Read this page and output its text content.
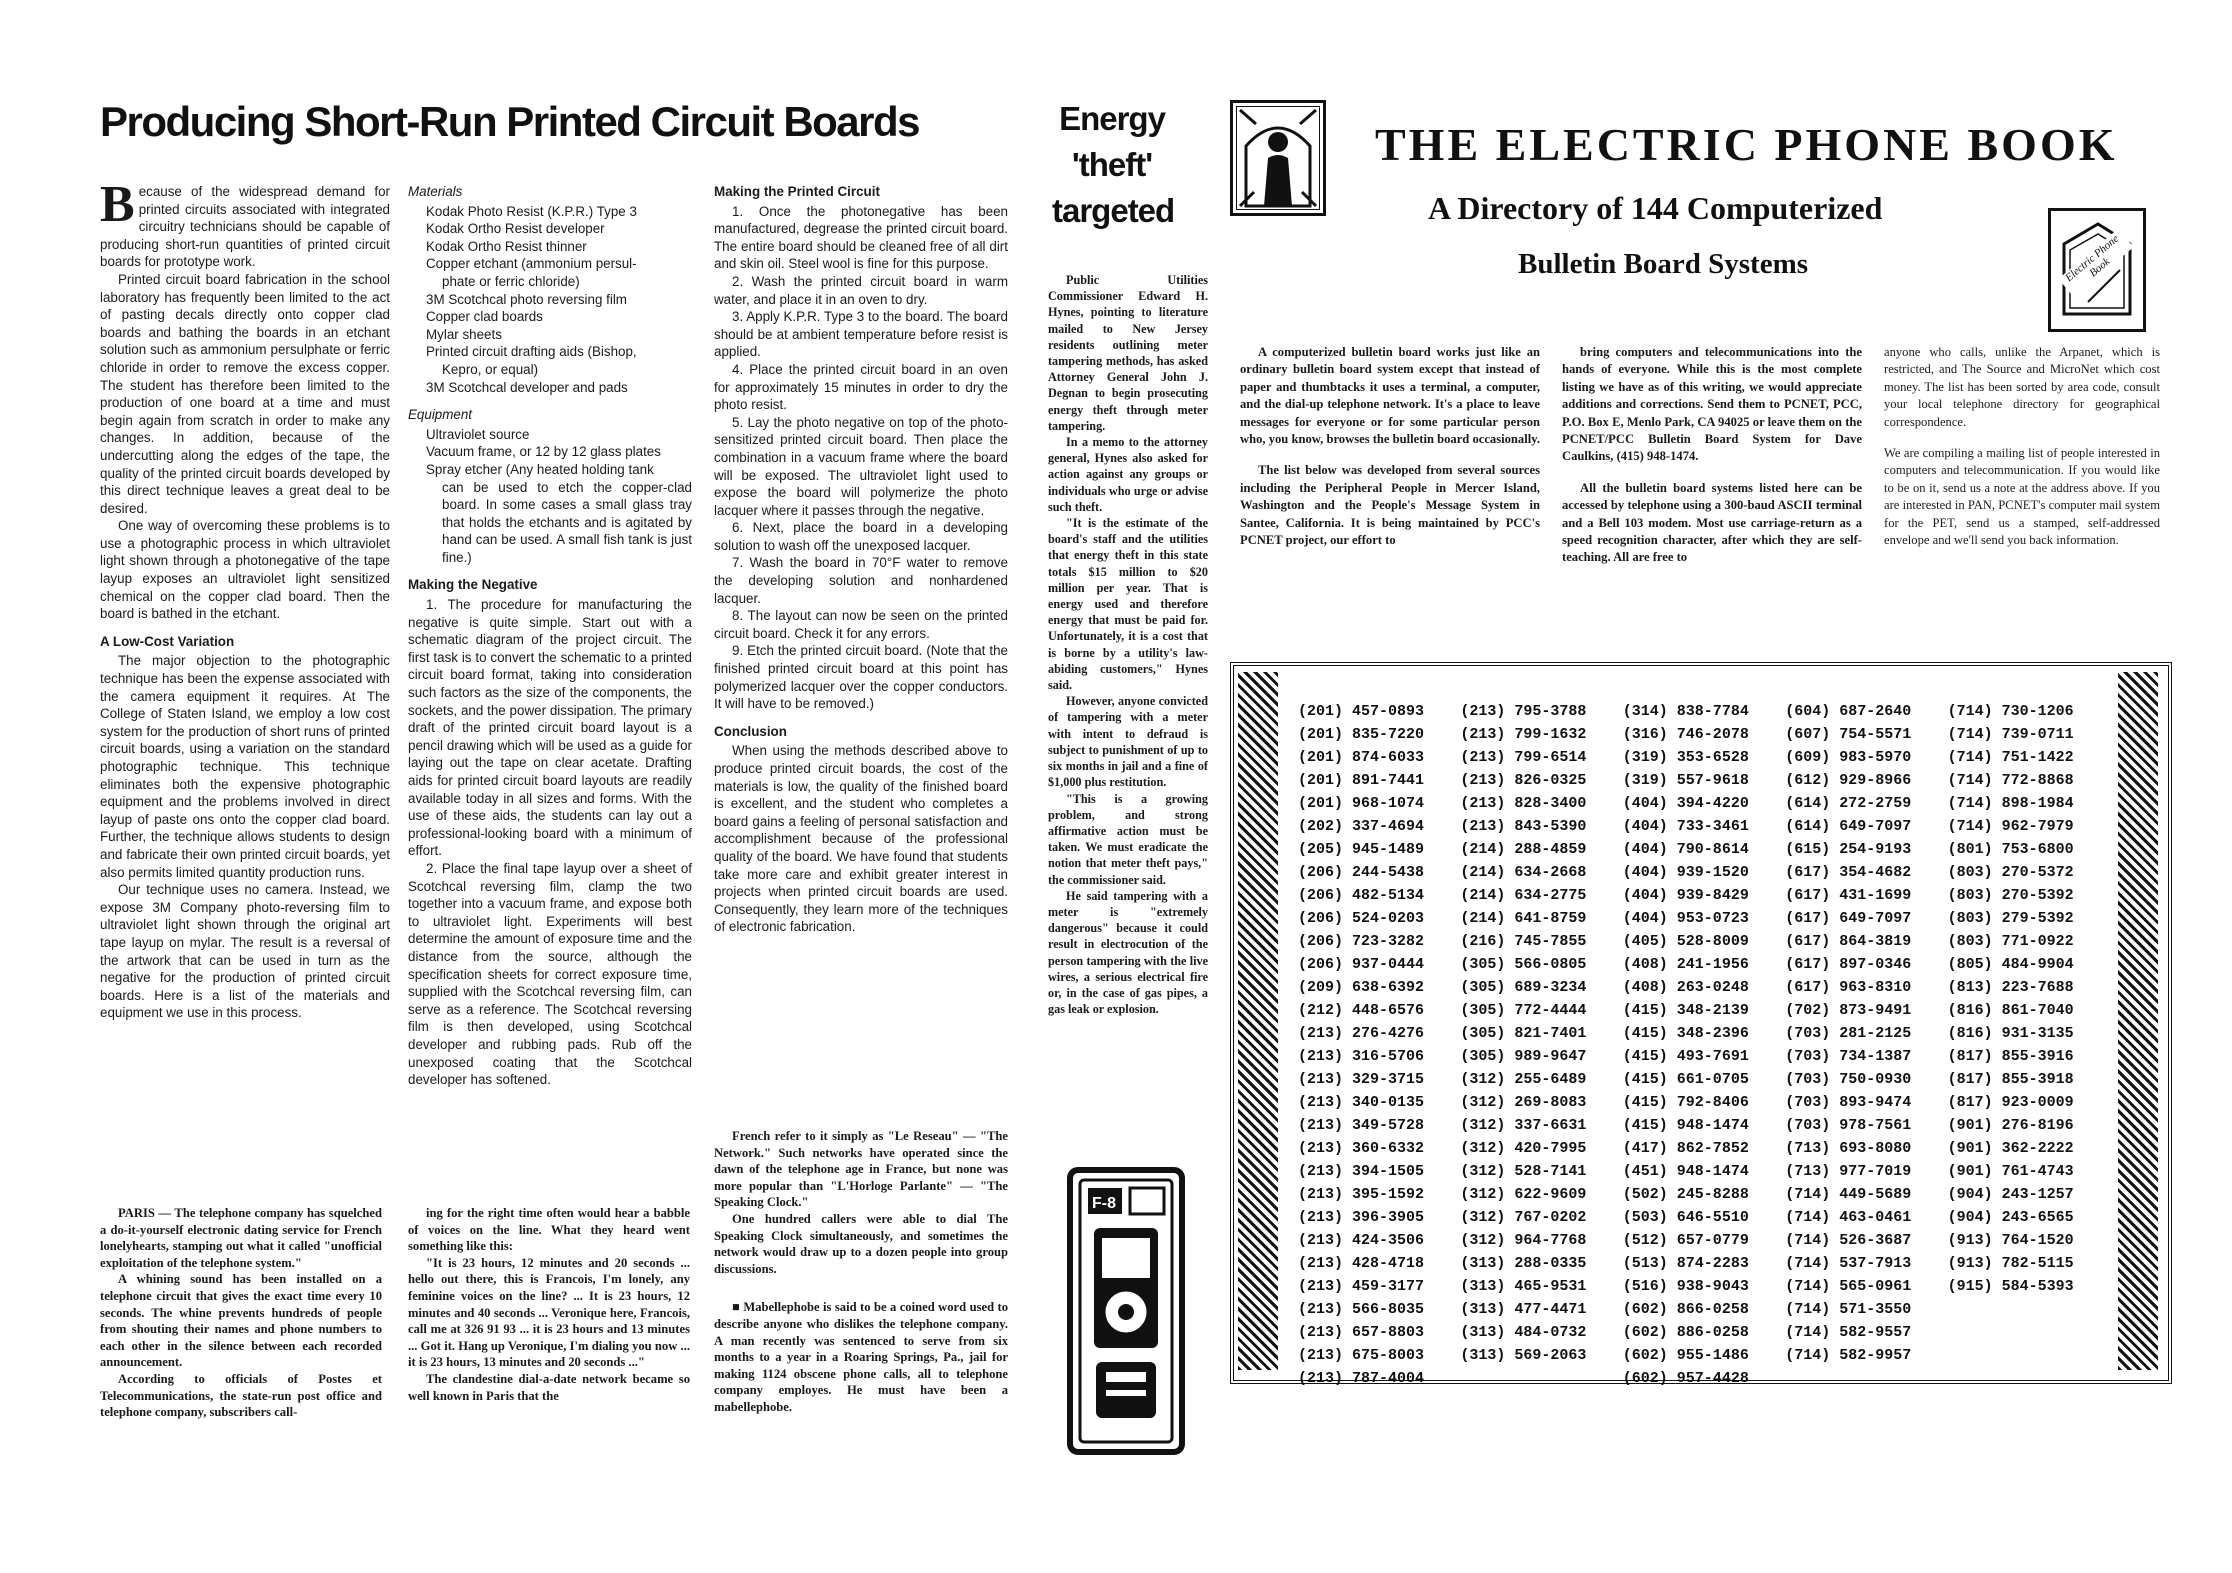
Producing Short-Run Printed Circuit Boards
B ecause of the widespread demand for printed circuits associated with integrated circuitry technicians should be capable of producing short-run quantities of printed circuit boards for prototype work.

Printed circuit board fabrication in the school laboratory has frequently been limited to the act of pasting decals directly onto copper clad boards and bathing the boards in an etchant solution such as ammonium persulphate or ferric chloride in order to remove the excess copper. The student has therefore been limited to the production of one board at a time and must begin again from scratch in order to make any changes. In addition, because of the undercutting along the edges of the tape, the quality of the printed circuit boards developed by this direct technique leaves a great deal to be desired.

One way of overcoming these problems is to use a photographic process in which ultraviolet light shown through a photonegative of the tape layup exposes an ultraviolet light sensitized chemical on the copper clad board. Then the board is bathed in the etchant.

A Low-Cost Variation

The major objection to the photographic technique has been the expense associated with the camera equipment it requires. At The College of Staten Island, we employ a low cost system for the production of short runs of printed circuit boards, using a variation on the standard photographic technique. This technique eliminates both the expensive photographic equipment and the problems involved in direct layup of paste ons onto the copper clad board. Further, the technique allows students to design and fabricate their own printed circuit boards, yet also permits limited quantity production runs.

Our technique uses no camera. Instead, we expose 3M Company photo-reversing film to ultraviolet light shown through the original art tape layup on mylar. The result is a reversal of the artwork that can be used in turn as the negative for the production of printed circuit boards. Here is a list of the materials and equipment we use in this process.

Materials
Kodak Photo Resist (K.P.R.) Type 3
Kodak Ortho Resist developer
Kodak Ortho Resist thinner
Copper etchant (ammonium persul-
phate or ferric chloride)
3M Scotchcal photo reversing film
Copper clad boards
Mylar sheets
Printed circuit drafting aids (Bishop,
Kepro, or equal)
3M Scotchcal developer and pads
Equipment
Ultraviolet source
Vacuum frame, or 12 by 12 glass plates
Spray etcher (Any heated holding tank
can be used to etch the copper-clad board. In some cases a small glass tray that holds the etchants and is agitated by hand can be used. A small fish tank is just fine.)
Making the Negative

1. The procedure for manufacturing the negative is quite simple. Start out with a schematic diagram of the project circuit. The first task is to convert the schematic to a printed circuit board format, taking into consideration such factors as the size of the components, the sockets, and the power dissipation. The primary draft of the printed circuit board layout is a pencil drawing which will be used as a guide for laying out the tape on clear acetate. Drafting aids for printed circuit board layouts are readily available today in all sizes and forms. With the use of these aids, the students can lay out a professional-looking board with a minimum of effort.

2. Place the final tape layup over a sheet of Scotchcal reversing film, clamp the two together into a vacuum frame, and expose both to ultraviolet light. Experiments will best determine the amount of exposure time and the distance from the source, although the specification sheets for correct exposure time, supplied with the Scotchcal reversing film, can serve as a reference. The Scotchcal reversing film is then developed, using Scotchcal developer and rubbing pads. Rub off the unexposed coating that the Scotchcal developer has softened.

Making the Printed Circuit

1. Once the photonegative has been manufactured, degrease the printed circuit board. The entire board should be cleaned free of all dirt and skin oil. Steel wool is fine for this purpose.

2. Wash the printed circuit board in warm water, and place it in an oven to dry.

3. Apply K.P.R. Type 3 to the board. The board should be at ambient temperature before resist is applied.

4. Place the printed circuit board in an oven for approximately 15 minutes in order to dry the photo resist.

5. Lay the photo negative on top of the photo-sensitized printed circuit board. Then place the combination in a vacuum frame where the board will be exposed. The ultraviolet light used to expose the board will polymerize the photo lacquer where it passes through the negative.

6. Next, place the board in a developing solution to wash off the unexposed lacquer.

7. Wash the board in 70°F water to remove the developing solution and nonhardened lacquer.

8. The layout can now be seen on the printed circuit board. Check it for any errors.

9. Etch the printed circuit board. (Note that the finished printed circuit board at this point has polymerized lacquer over the copper conductors. It will have to be removed.)

Conclusion

When using the methods described above to produce printed circuit boards, the cost of the materials is low, the quality of the finished board is excellent, and the student who completes a board gains a feeling of personal satisfaction and accomplishment because of the professional quality of the board. We have found that students take more care and exhibit greater interest in projects when printed circuit boards are used. Consequently, they learn more of the techniques of electronic fabrication.

PARIS — The telephone company has squelched a do-it-yourself electronic dating service for French lonelyhearts, stamping out what it called "unofficial exploitation of the telephone system."

A whining sound has been installed on a telephone circuit that gives the exact time every 10 seconds. The whine prevents hundreds of people from shouting their names and phone numbers to each other in the silence between each recorded announcement.

According to officials of Postes et Telecommunications, the state-run post office and telephone company, subscribers call-

ing for the right time often would hear a babble of voices on the line. What they heard went something like this:

"It is 23 hours, 12 minutes and 20 seconds ... hello out there, this is Francois, I'm lonely, any feminine voices on the line? ... It is 23 hours, 12 minutes and 40 seconds ... Veronique here, Francois, call me at 326 91 93 ... it is 23 hours and 13 minutes ... Got it. Hang up Veronique, I'm dialing you now ... it is 23 hours, 13 minutes and 20 seconds ..."

The clandestine dial-a-date network became so well known in Paris that the

French refer to it simply as "Le Reseau" — "The Network." Such networks have operated since the dawn of the telephone age in France, but none was more popular than "L'Horloge Parlante" — "The Speaking Clock."

One hundred callers were able to dial The Speaking Clock simultaneously, and sometimes the network would draw up to a dozen people into group discussions.

■ Mabellephobe is said to be a coined word used to describe anyone who dislikes the telephone company. A man recently was sentenced to serve from six months to a year in a Roaring Springs, Pa., jail for making 1124 obscene phone calls, all to telephone company employes. He must have been a mabellephobe.

Energy
'theft'
targeted

Public Utilities Commissioner Edward H. Hynes, pointing to literature mailed to New Jersey residents outlining meter tampering methods, has asked Attorney General John J. Degnan to begin prosecuting energy theft through meter tampering.

In a memo to the attorney general, Hynes also asked for action against any groups or individuals who urge or advise such theft.

"It is the estimate of the board's staff and the utilities that energy theft in this state totals $15 million to $20 million per year. That is energy used and therefore energy that must be paid for. Unfortunately, it is a cost that is borne by a utility's law-abiding customers," Hynes said.

However, anyone convicted of tampering with a meter with intent to defraud is subject to punishment of up to six months in jail and a fine of $1,000 plus restitution.

"This is a growing problem, and strong affirmative action must be taken. We must eradicate the notion that meter theft pays," the commissioner said.

He said tampering with a meter is "extremely dangerous" because it could result in electrocution of the person tampering with the live wires, a serious electrical fire or, in the case of gas pipes, a gas leak or explosion.

F-8
THE ELECTRIC PHONE BOOK
A Directory of 144 Computerized
Bulletin Board Systems	Electric Phone Book

A computerized bulletin board works just like an ordinary bulletin board system except that instead of paper and thumbtacks it uses a terminal, a computer, and the dial-up telephone network. It's a place to leave messages for everyone or for some particular person who, you know, browses the bulletin board occasionally.

The list below was developed from several sources including the Peripheral People in Mercer Island, Washington and the People's Message System in Santee, California. It is being maintained by PCC's PCNET project, our effort to

bring computers and telecommunications into the hands of everyone. While this is the most complete listing we have as of this writing, we would appreciate additions and corrections. Send them to PCNET, PCC, P.O. Box E, Menlo Park, CA 94025 or leave them on the PCNET/PCC Bulletin Board System for Dave Caulkins, (415) 948-1474.

All the bulletin board systems listed here can be accessed by telephone using a 300-baud ASCII terminal and a Bell 103 modem. Most use carriage-return as a speed recognition character, after which they are self-teaching. All are free to

anyone who calls, unlike the Arpanet, which is restricted, and The Source and MicroNet which cost money. The list has been sorted by area code, consult your local telephone directory for geographical correspondence.

We are compiling a mailing list of people interested in computers and telecommunication. If you would like to be on it, send us a note at the address above. If you are interested in PAN, PCNET's computer mail system for the PET, send us a stamped, self-addressed envelope and we'll send you back information.

(201) 457-0893
(201) 835-7220
(201) 874-6033
(201) 891-7441
(201) 968-1074
(202) 337-4694
(205) 945-1489
(206) 244-5438
(206) 482-5134
(206) 524-0203
(206) 723-3282
(206) 937-0444
(209) 638-6392
(212) 448-6576
(213) 276-4276
(213) 316-5706
(213) 329-3715
(213) 340-0135
(213) 349-5728
(213) 360-6332
(213) 394-1505
(213) 395-1592
(213) 396-3905
(213) 424-3506
(213) 428-4718
(213) 459-3177
(213) 566-8035
(213) 657-8803
(213) 675-8003
(213) 787-4004
(213) 795-3788
(213) 799-1632
(213) 799-6514
(213) 826-0325
(213) 828-3400
(213) 843-5390
(214) 288-4859
(214) 634-2668
(214) 634-2775
(214) 641-8759
(216) 745-7855
(305) 566-0805
(305) 689-3234
(305) 772-4444
(305) 821-7401
(305) 989-9647
(312) 255-6489
(312) 269-8083
(312) 337-6631
(312) 420-7995
(312) 528-7141
(312) 622-9609
(312) 767-0202
(312) 964-7768
(313) 288-0335
(313) 465-9531
(313) 477-4471
(313) 484-0732
(313) 569-2063
(314) 838-7784
(316) 746-2078
(319) 353-6528
(319) 557-9618
(404) 394-4220
(404) 733-3461
(404) 790-8614
(404) 939-1520
(404) 939-8429
(404) 953-0723
(405) 528-8009
(408) 241-1956
(408) 263-0248
(415) 348-2139
(415) 348-2396
(415) 493-7691
(415) 661-0705
(415) 792-8406
(415) 948-1474
(417) 862-7852
(451) 948-1474
(502) 245-8288
(503) 646-5510
(512) 657-0779
(513) 874-2283
(516) 938-9043
(602) 866-0258
(602) 886-0258
(602) 955-1486
(602) 957-4428
(604) 687-2640
(607) 754-5571
(609) 983-5970
(612) 929-8966
(614) 272-2759
(614) 649-7097
(615) 254-9193
(617) 354-4682
(617) 431-1699
(617) 649-7097
(617) 864-3819
(617) 897-0346
(617) 963-8310
(702) 873-9491
(703) 281-2125
(703) 734-1387
(703) 750-0930
(703) 893-9474
(703) 978-7561
(713) 693-8080
(713) 977-7019
(714) 449-5689
(714) 463-0461
(714) 526-3687
(714) 537-7913
(714) 565-0961
(714) 571-3550
(714) 582-9557
(714) 582-9957
(714) 730-1206
(714) 739-0711
(714) 751-1422
(714) 772-8868
(714) 898-1984
(714) 962-7979
(801) 753-6800
(803) 270-5372
(803) 270-5392
(803) 279-5392
(803) 771-0922
(805) 484-9904
(813) 223-7688
(816) 861-7040
(816) 931-3135
(817) 855-3916
(817) 855-3918
(817) 923-0009
(901) 276-8196
(901) 362-2222
(901) 761-4743
(904) 243-1257
(904) 243-6565
(913) 764-1520
(913) 782-5115
(915) 584-5393
